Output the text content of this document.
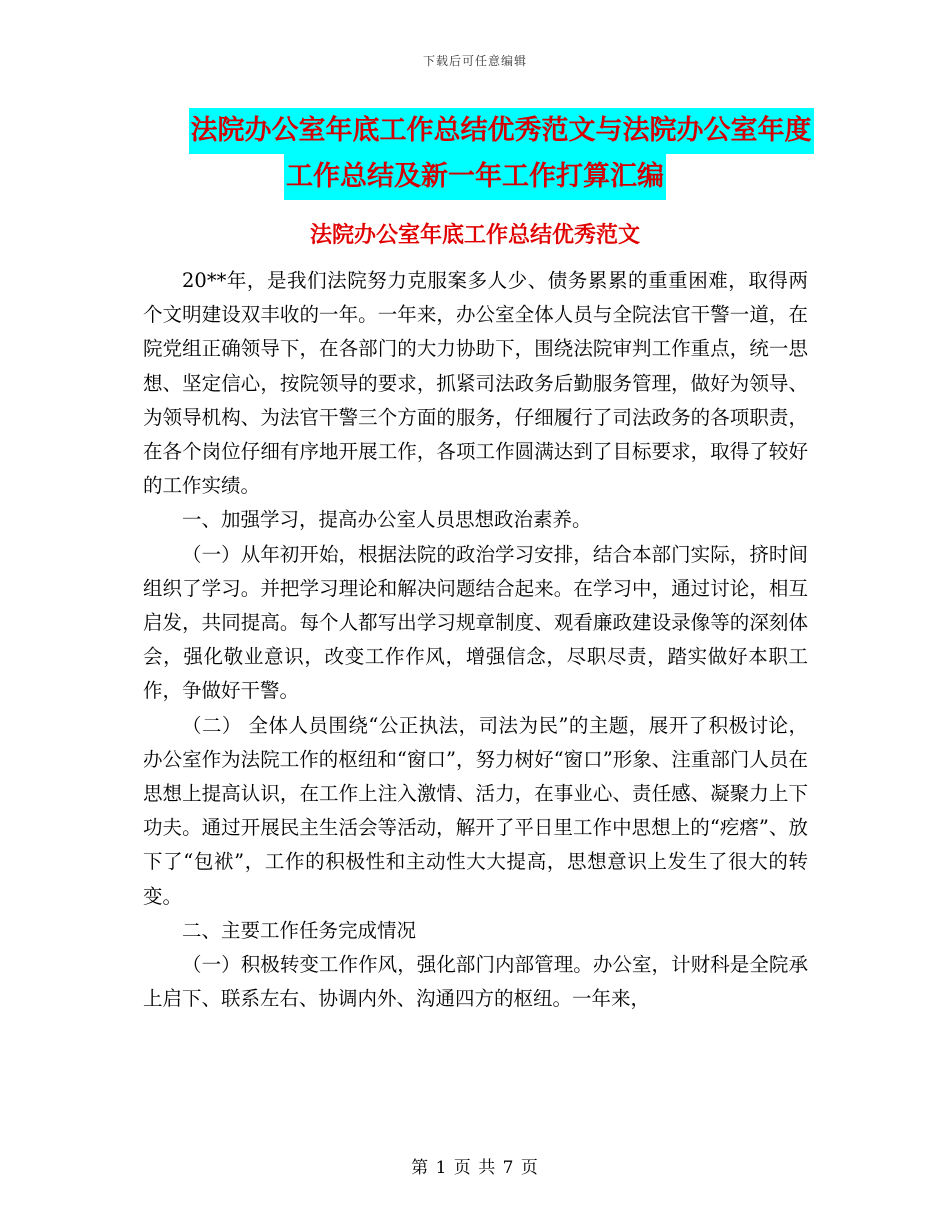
下载后可任意编辑
法院办公室年底工作总结优秀范文与法院办公室年度
工作总结及新一年工作打算汇编
法院办公室年底工作总结优秀范文

20**年，是我们法院努力克服案多人少、债务累累的重重困难，取得两个文明建设双丰收的一年。一年来，办公室全体人员与全院法官干警一道，在院党组正确领导下，在各部门的大力协助下，围绕法院审判工作重点，统一思想、坚定信心，按院领导的要求，抓紧司法政务后勤服务管理，做好为领导、为领导机构、为法官干警三个方面的服务，仔细履行了司法政务的各项职责，在各个岗位仔细有序地开展工作，各项工作圆满达到了目标要求，取得了较好的工作实绩。

一、加强学习，提高办公室人员思想政治素养。

（一）从年初开始，根据法院的政治学习安排，结合本部门实际，挤时间组织了学习。并把学习理论和解决问题结合起来。在学习中，通过讨论，相互启发，共同提高。每个人都写出学习规章制度、观看廉政建设录像等的深刻体会，强化敬业意识，改变工作作风，增强信念，尽职尽责，踏实做好本职工作，争做好干警。

（二） 全体人员围绕“公正执法，司法为民”的主题，展开了积极讨论，办公室作为法院工作的枢纽和“窗口”，努力树好“窗口”形象、注重部门人员在思想上提高认识，在工作上注入激情、活力，在事业心、责任感、凝聚力上下功夫。通过开展民主生活会等活动，解开了平日里工作中思想上的“疙瘩”、放下了“包袱”，工作的积极性和主动性大大提高，思想意识上发生了很大的转变。

二、主要工作任务完成情况

（一）积极转变工作作风，强化部门内部管理。办公室，计财科是全院承上启下、联系左右、协调内外、沟通四方的枢纽。一年来，

第 1 页 共 7 页
